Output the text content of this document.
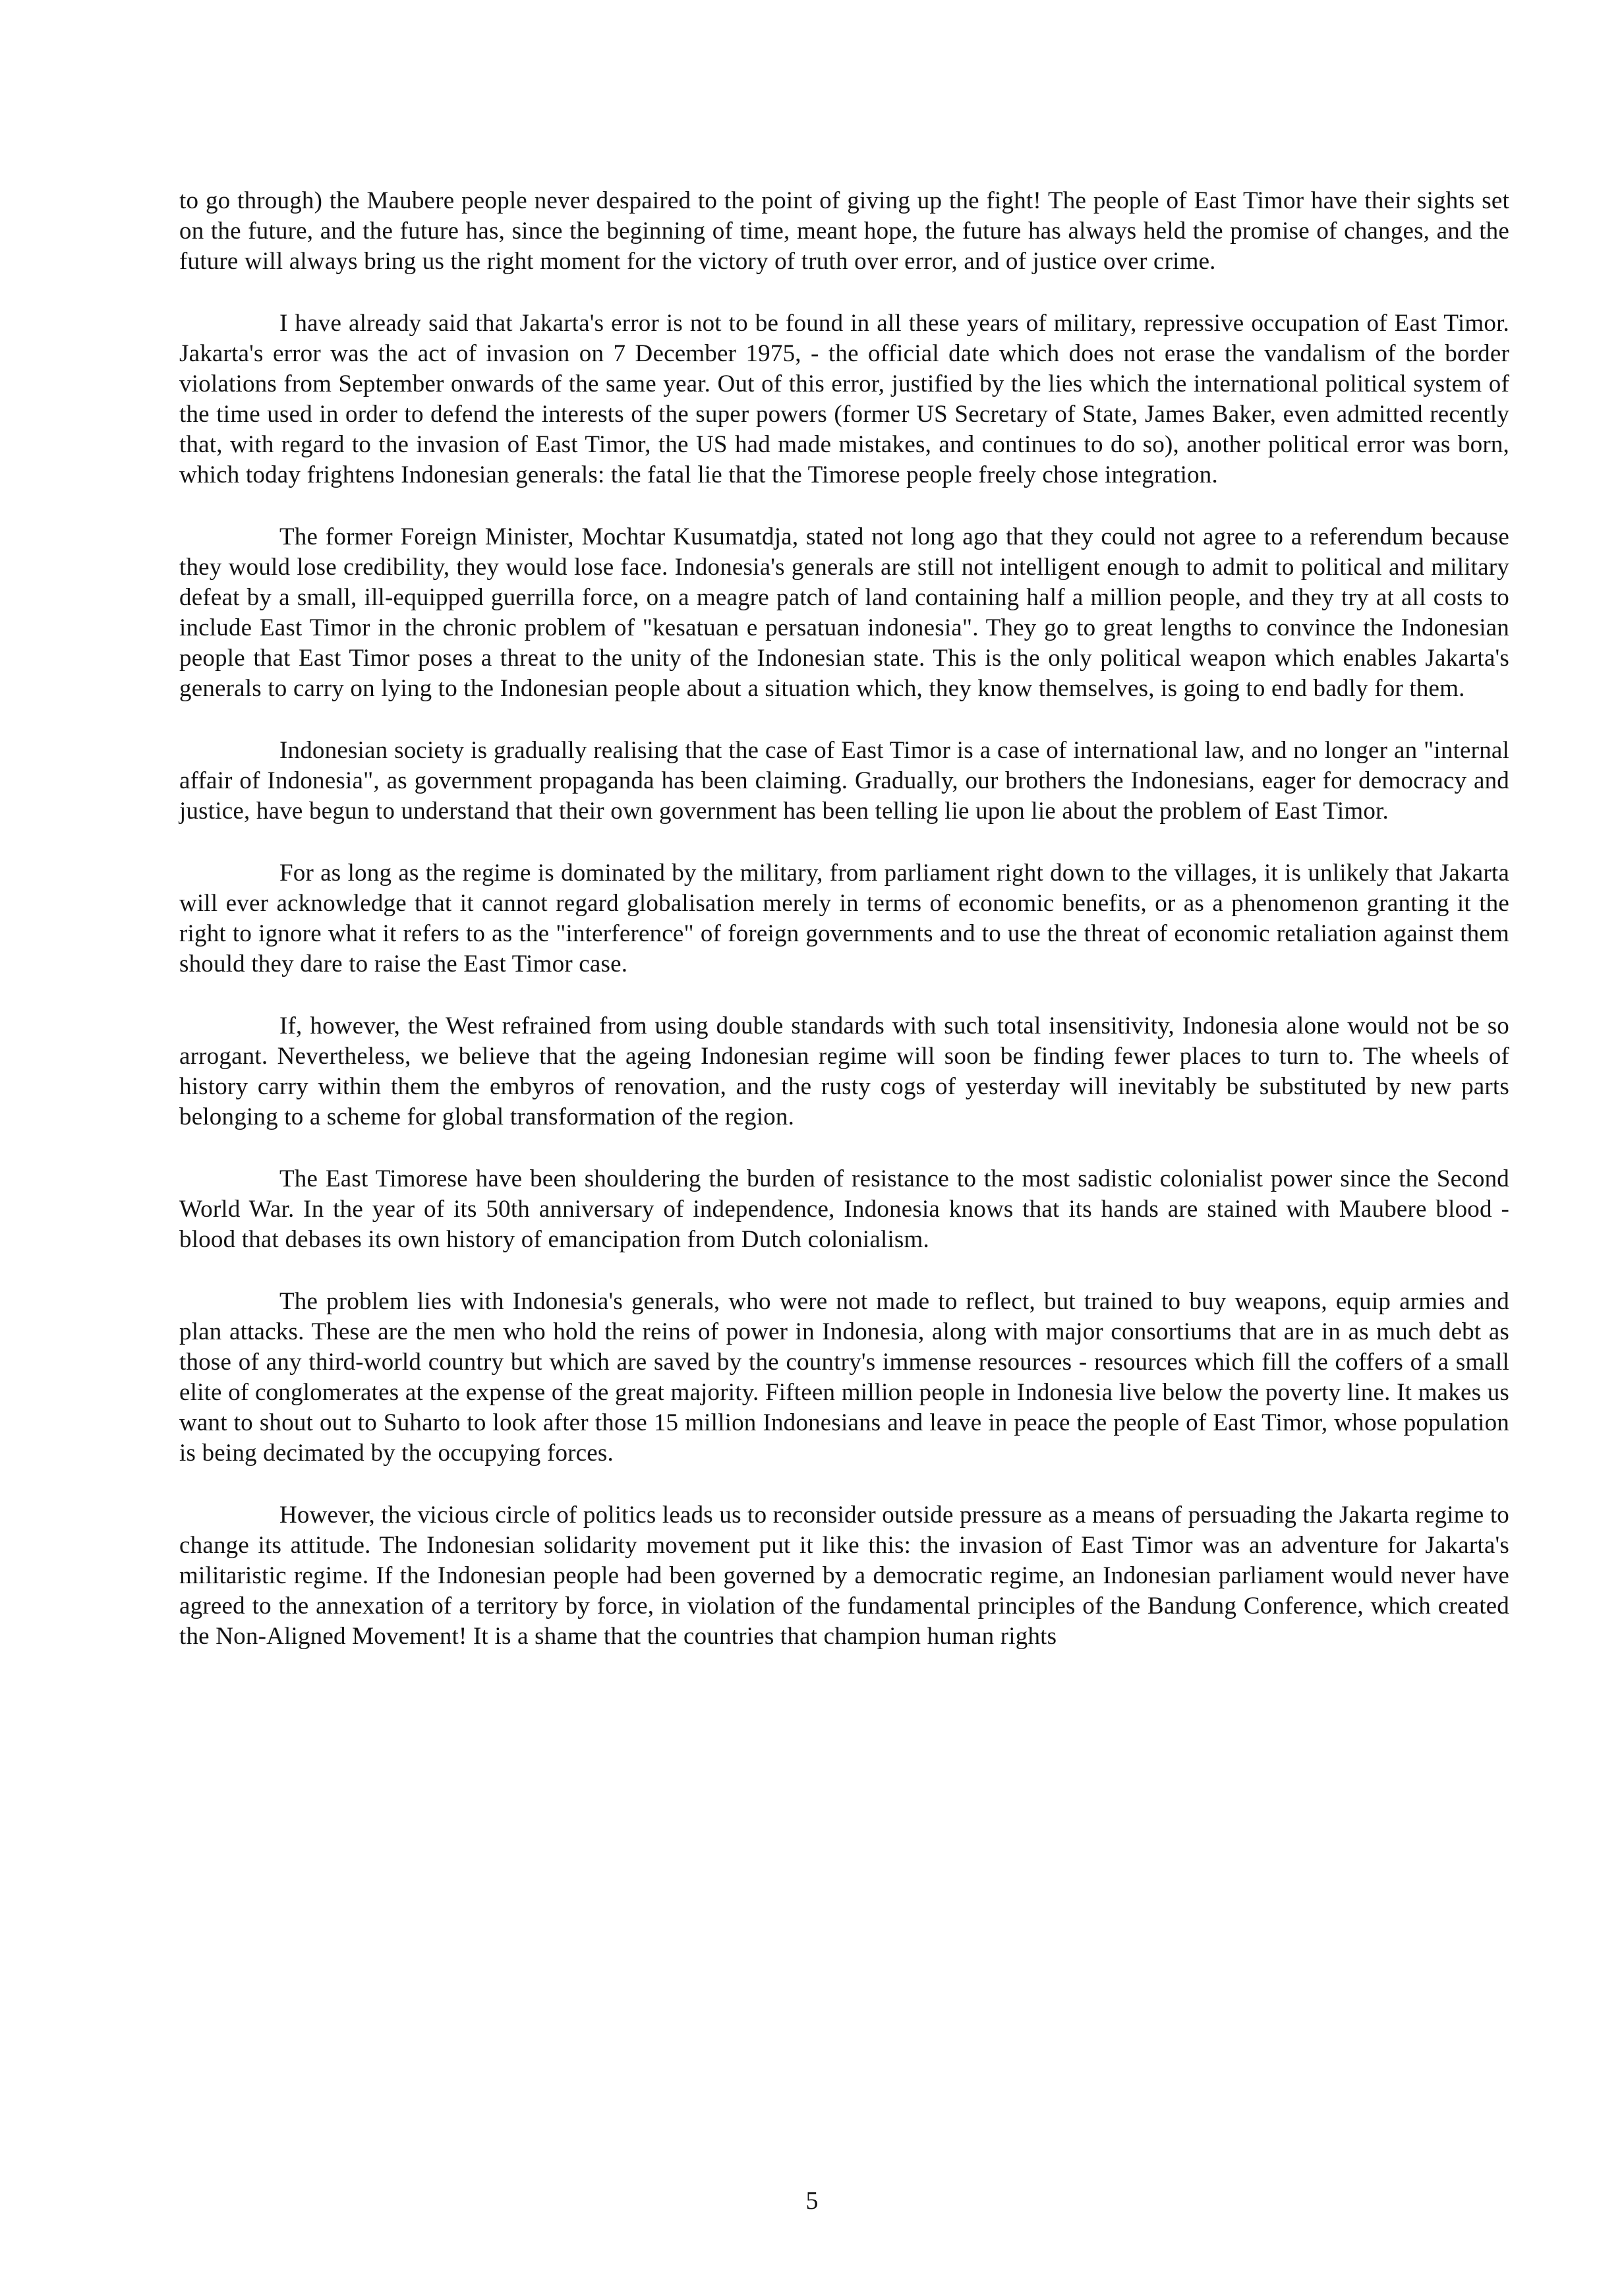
to go through) the Maubere people never despaired to the point of giving up the fight! The people of East Timor have their sights set on the future, and the future has, since the beginning of time, meant hope, the future has always held the promise of changes, and the future will always bring us the right moment for the victory of truth over error, and of justice over crime.

I have already said that Jakarta's error is not to be found in all these years of military, repressive occupation of East Timor. Jakarta's error was the act of invasion on 7 December 1975, - the official date which does not erase the vandalism of the border violations from September onwards of the same year. Out of this error, justified by the lies which the international political system of the time used in order to defend the interests of the super powers (former US Secretary of State, James Baker, even admitted recently that, with regard to the invasion of East Timor, the US had made mistakes, and continues to do so), another political error was born, which today frightens Indonesian generals: the fatal lie that the Timorese people freely chose integration.

The former Foreign Minister, Mochtar Kusumatdja, stated not long ago that they could not agree to a referendum because they would lose credibility, they would lose face. Indonesia's generals are still not intelligent enough to admit to political and military defeat by a small, ill-equipped guerrilla force, on a meagre patch of land containing half a million people, and they try at all costs to include East Timor in the chronic problem of "kesatuan e persatuan indonesia". They go to great lengths to convince the Indonesian people that East Timor poses a threat to the unity of the Indonesian state. This is the only political weapon which enables Jakarta's generals to carry on lying to the Indonesian people about a situation which, they know themselves, is going to end badly for them.

Indonesian society is gradually realising that the case of East Timor is a case of international law, and no longer an "internal affair of Indonesia", as government propaganda has been claiming. Gradually, our brothers the Indonesians, eager for democracy and justice, have begun to understand that their own government has been telling lie upon lie about the problem of East Timor.

For as long as the regime is dominated by the military, from parliament right down to the villages, it is unlikely that Jakarta will ever acknowledge that it cannot regard globalisation merely in terms of economic benefits, or as a phenomenon granting it the right to ignore what it refers to as the "interference" of foreign governments and to use the threat of economic retaliation against them should they dare to raise the East Timor case.

If, however, the West refrained from using double standards with such total insensitivity, Indonesia alone would not be so arrogant. Nevertheless, we believe that the ageing Indonesian regime will soon be finding fewer places to turn to. The wheels of history carry within them the embyros of renovation, and the rusty cogs of yesterday will inevitably be substituted by new parts belonging to a scheme for global transformation of the region.

The East Timorese have been shouldering the burden of resistance to the most sadistic colonialist power since the Second World War. In the year of its 50th anniversary of independence, Indonesia knows that its hands are stained with Maubere blood - blood that debases its own history of emancipation from Dutch colonialism.

The problem lies with Indonesia's generals, who were not made to reflect, but trained to buy weapons, equip armies and plan attacks. These are the men who hold the reins of power in Indonesia, along with major consortiums that are in as much debt as those of any third-world country but which are saved by the country's immense resources - resources which fill the coffers of a small elite of conglomerates at the expense of the great majority. Fifteen million people in Indonesia live below the poverty line. It makes us want to shout out to Suharto to look after those 15 million Indonesians and leave in peace the people of East Timor, whose population is being decimated by the occupying forces.

However, the vicious circle of politics leads us to reconsider outside pressure as a means of persuading the Jakarta regime to change its attitude. The Indonesian solidarity movement put it like this: the invasion of East Timor was an adventure for Jakarta's militaristic regime. If the Indonesian people had been governed by a democratic regime, an Indonesian parliament would never have agreed to the annexation of a territory by force, in violation of the fundamental principles of the Bandung Conference, which created the Non-Aligned Movement! It is a shame that the countries that champion human rights

5
